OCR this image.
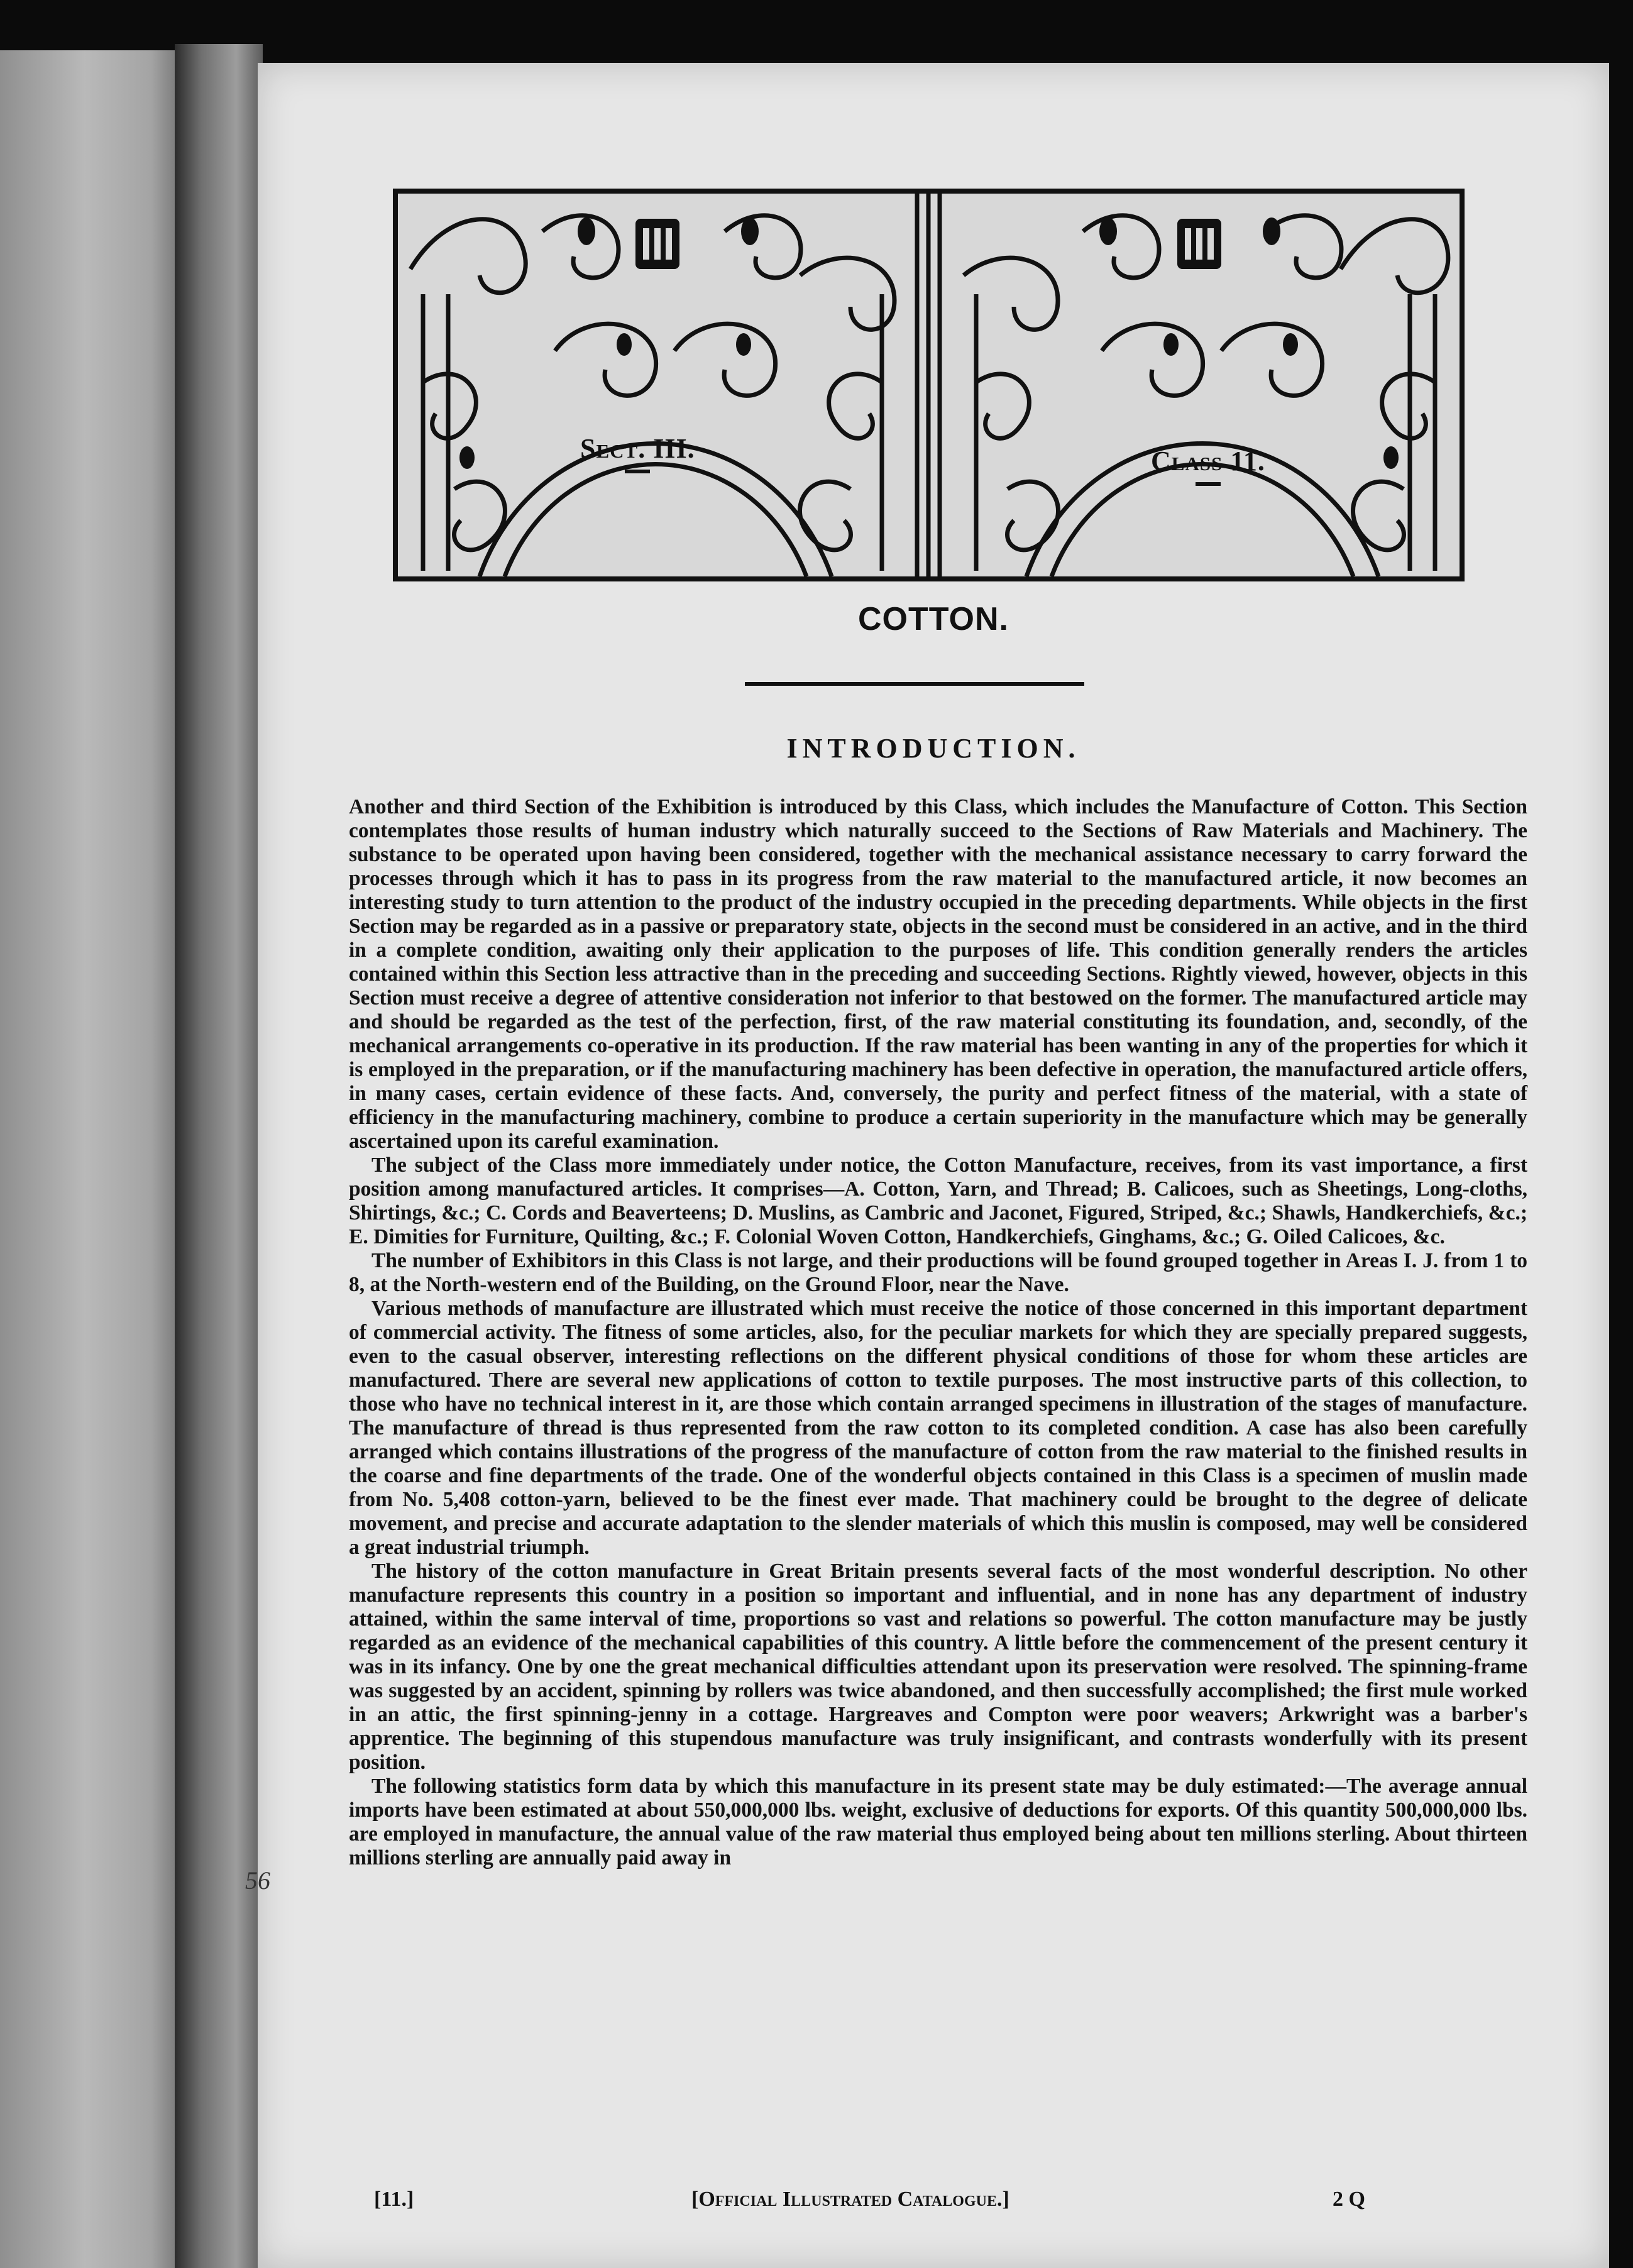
Sect. III.	Class 11.
COTTON.
INTRODUCTION.

Another and third Section of the Exhibition is introduced by this Class, which includes the Manufacture of Cotton. This Section contemplates those results of human industry which naturally succeed to the Sections of Raw Materials and Machinery. The substance to be operated upon having been considered, together with the mechanical assistance necessary to carry forward the processes through which it has to pass in its progress from the raw material to the manufactured article, it now becomes an interesting study to turn attention to the product of the industry occupied in the preceding departments. While objects in the first Section may be regarded as in a passive or preparatory state, objects in the second must be considered in an active, and in the third in a complete condition, awaiting only their application to the purposes of life. This condition generally renders the articles contained within this Section less attractive than in the preceding and succeeding Sections. Rightly viewed, however, objects in this Section must receive a degree of attentive consideration not inferior to that bestowed on the former. The manufactured article may and should be regarded as the test of the perfection, first, of the raw material constituting its foundation, and, secondly, of the mechanical arrangements co-operative in its production. If the raw material has been wanting in any of the properties for which it is employed in the preparation, or if the manufacturing machinery has been defective in operation, the manufactured article offers, in many cases, certain evidence of these facts. And, conversely, the purity and perfect fitness of the material, with a state of efficiency in the manufacturing machinery, combine to produce a certain superiority in the manufacture which may be generally ascertained upon its careful examination.

The subject of the Class more immediately under notice, the Cotton Manufacture, receives, from its vast importance, a first position among manufactured articles. It comprises—A. Cotton, Yarn, and Thread; B. Calicoes, such as Sheetings, Long-cloths, Shirtings, &c.; C. Cords and Beaverteens; D. Muslins, as Cambric and Jaconet, Figured, Striped, &c.; Shawls, Handkerchiefs, &c.; E. Dimities for Furniture, Quilting, &c.; F. Colonial Woven Cotton, Handkerchiefs, Ginghams, &c.; G. Oiled Calicoes, &c.

The number of Exhibitors in this Class is not large, and their productions will be found grouped together in Areas I. J. from 1 to 8, at the North-western end of the Building, on the Ground Floor, near the Nave.

Various methods of manufacture are illustrated which must receive the notice of those concerned in this important department of commercial activity. The fitness of some articles, also, for the peculiar markets for which they are specially prepared suggests, even to the casual observer, interesting reflections on the different physical conditions of those for whom these articles are manufactured. There are several new applications of cotton to textile purposes. The most instructive parts of this collection, to those who have no technical interest in it, are those which contain arranged specimens in illustration of the stages of manufacture. The manufacture of thread is thus represented from the raw cotton to its completed condition. A case has also been carefully arranged which contains illustrations of the progress of the manufacture of cotton from the raw material to the finished results in the coarse and fine departments of the trade. One of the wonderful objects contained in this Class is a specimen of muslin made from No. 5,408 cotton-yarn, believed to be the finest ever made. That machinery could be brought to the degree of delicate movement, and precise and accurate adaptation to the slender materials of which this muslin is composed, may well be considered a great industrial triumph.

The history of the cotton manufacture in Great Britain presents several facts of the most wonderful description. No other manufacture represents this country in a position so important and influential, and in none has any department of industry attained, within the same interval of time, proportions so vast and relations so powerful. The cotton manufacture may be justly regarded as an evidence of the mechanical capabilities of this country. A little before the commencement of the present century it was in its infancy. One by one the great mechanical difficulties attendant upon its preservation were resolved. The spinning-frame was suggested by an accident, spinning by rollers was twice abandoned, and then successfully accomplished; the first mule worked in an attic, the first spinning-jenny in a cottage. Hargreaves and Compton were poor weavers; Arkwright was a barber's apprentice. The beginning of this stupendous manufacture was truly insignificant, and contrasts wonderfully with its present position.

The following statistics form data by which this manufacture in its present state may be duly estimated:—The average annual imports have been estimated at about 550,000,000 lbs. weight, exclusive of deductions for exports. Of this quantity 500,000,000 lbs. are employed in manufacture, the annual value of the raw material thus employed being about ten millions sterling. About thirteen millions sterling are annually paid away in

[11.]	[Official Illustrated Catalogue.]	2 Q
56
